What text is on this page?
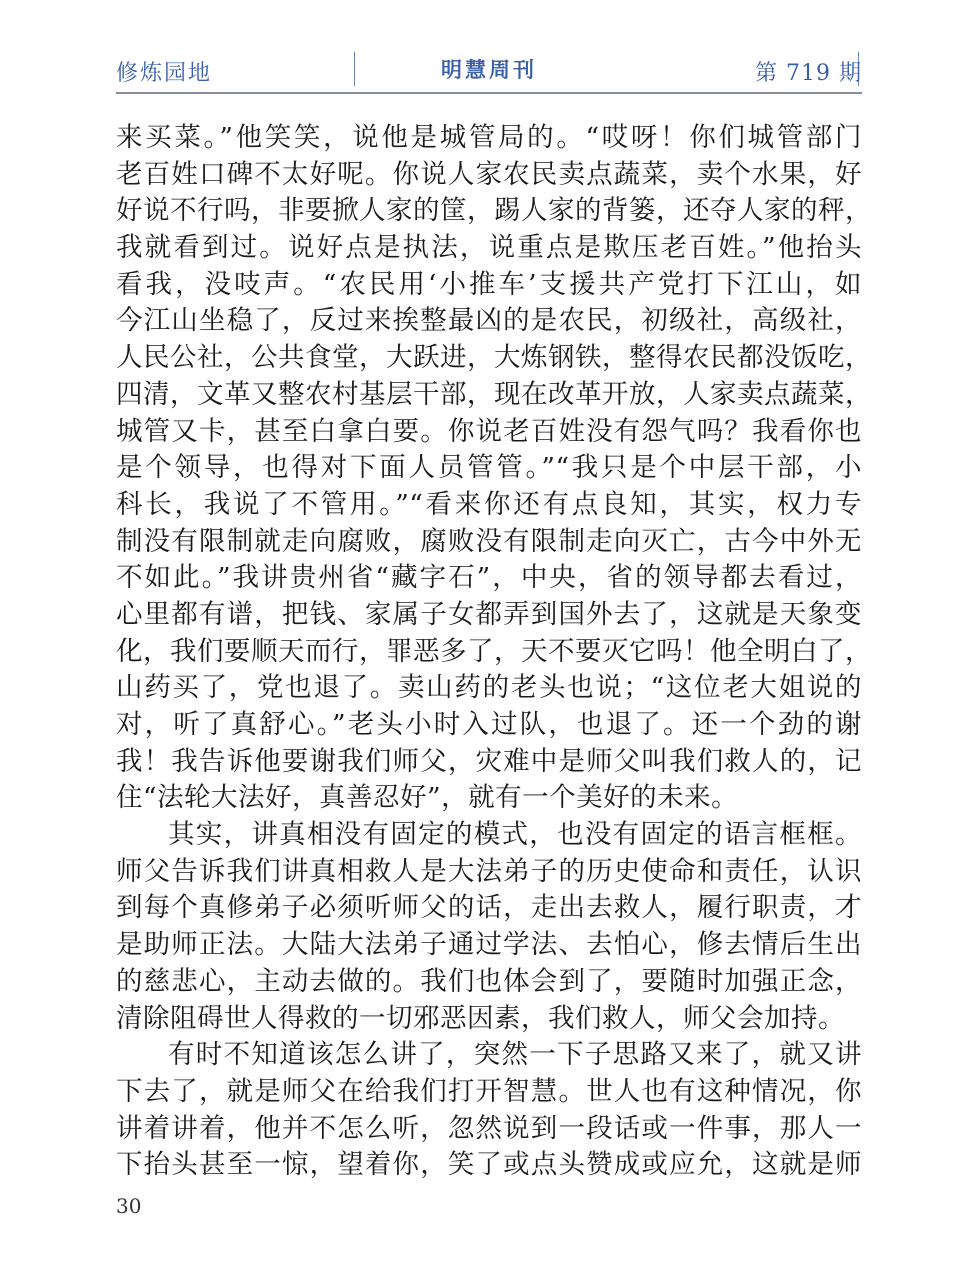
修炼园地	明慧周刊	第 719 期
来买菜。”他笑笑，说他是城管局的。“哎呀！你们城管部门
老百姓口碑不太好呢。你说人家农民卖点蔬菜，卖个水果，好
好说不行吗，非要掀人家的筐，踢人家的背篓，还夺人家的秤，
我就看到过。说好点是执法，说重点是欺压老百姓。”他抬头
看我，没吱声。“农民用‘小推车’支援共产党打下江山，如
今江山坐稳了，反过来挨整最凶的是农民，初级社，高级社，
人民公社，公共食堂，大跃进，大炼钢铁，整得农民都没饭吃，
四清，文革又整农村基层干部，现在改革开放，人家卖点蔬菜，
城管又卡，甚至白拿白要。你说老百姓没有怨气吗？我看你也
是个领导，也得对下面人员管管。”“我只是个中层干部，小
科长，我说了不管用。”“看来你还有点良知，其实，权力专
制没有限制就走向腐败，腐败没有限制走向灭亡，古今中外无
不如此。”我讲贵州省“藏字石”，中央，省的领导都去看过，
心里都有谱，把钱、家属子女都弄到国外去了，这就是天象变
化，我们要顺天而行，罪恶多了，天不要灭它吗！他全明白了，
山药买了，党也退了。卖山药的老头也说；“这位老大姐说的
对，听了真舒心。”老头小时入过队，也退了。还一个劲的谢
我！我告诉他要谢我们师父，灾难中是师父叫我们救人的，记
住“法轮大法好，真善忍好”，就有一个美好的未来。
其实，讲真相没有固定的模式，也没有固定的语言框框。
师父告诉我们讲真相救人是大法弟子的历史使命和责任，认识
到每个真修弟子必须听师父的话，走出去救人，履行职责，才
是助师正法。大陆大法弟子通过学法、去怕心，修去情后生出
的慈悲心，主动去做的。我们也体会到了，要随时加强正念，
清除阻碍世人得救的一切邪恶因素，我们救人，师父会加持。
有时不知道该怎么讲了，突然一下子思路又来了，就又讲
下去了，就是师父在给我们打开智慧。世人也有这种情况，你
讲着讲着，他并不怎么听，忽然说到一段话或一件事，那人一
下抬头甚至一惊，望着你，笑了或点头赞成或应允，这就是师
30
